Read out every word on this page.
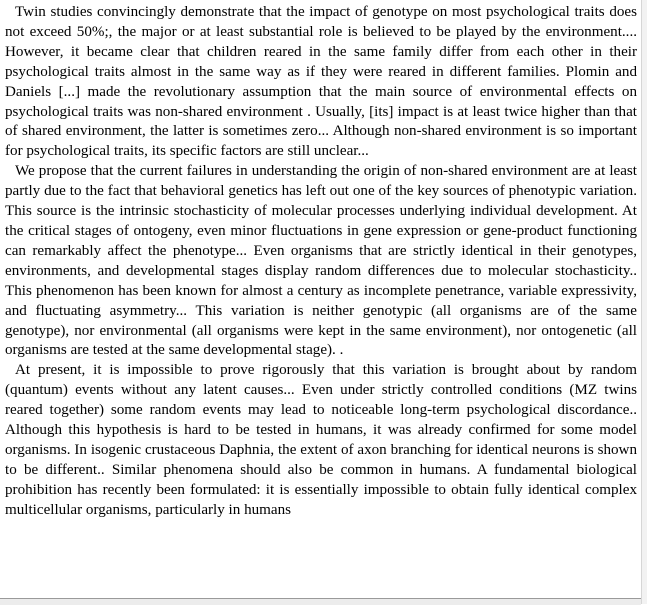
Twin studies convincingly demonstrate that the impact of genotype on most psychological traits does not exceed 50%;, the major or at least substantial role is believed to be played by the environment.... However, it became clear that children reared in the same family differ from each other in their psychological traits almost in the same way as if they were reared in different families. Plomin and Daniels [...] made the revolutionary assumption that the main source of environmental effects on psychological traits was non-shared environment . Usually, [its] impact is at least twice higher than that of shared environment, the latter is sometimes zero... Although non-shared environment is so important for psychological traits, its specific factors are still unclear...

We propose that the current failures in understanding the origin of non-shared environment are at least partly due to the fact that behavioral genetics has left out one of the key sources of phenotypic variation. This source is the intrinsic stochasticity of molecular processes underlying individual development. At the critical stages of ontogeny, even minor fluctuations in gene expression or gene-product functioning can remarkably affect the phenotype... Even organisms that are strictly identical in their genotypes, environments, and developmental stages display random differences due to molecular stochasticity.. This phenomenon has been known for almost a century as incomplete penetrance, variable expressivity, and fluctuating asymmetry... This variation is neither genotypic (all organisms are of the same genotype), nor environmental (all organisms were kept in the same environment), nor ontogenetic (all organisms are tested at the same developmental stage). .

At present, it is impossible to prove rigorously that this variation is brought about by random (quantum) events without any latent causes... Even under strictly controlled conditions (MZ twins reared together) some random events may lead to noticeable long-term psychological discordance.. Although this hypothesis is hard to be tested in humans, it was already confirmed for some model organisms. In isogenic crustaceous Daphnia, the extent of axon branching for identical neurons is shown to be different.. Similar phenomena should also be common in humans. A fundamental biological prohibition has recently been formulated: it is essentially impossible to obtain fully identical complex multicellular organisms, particularly in humans
